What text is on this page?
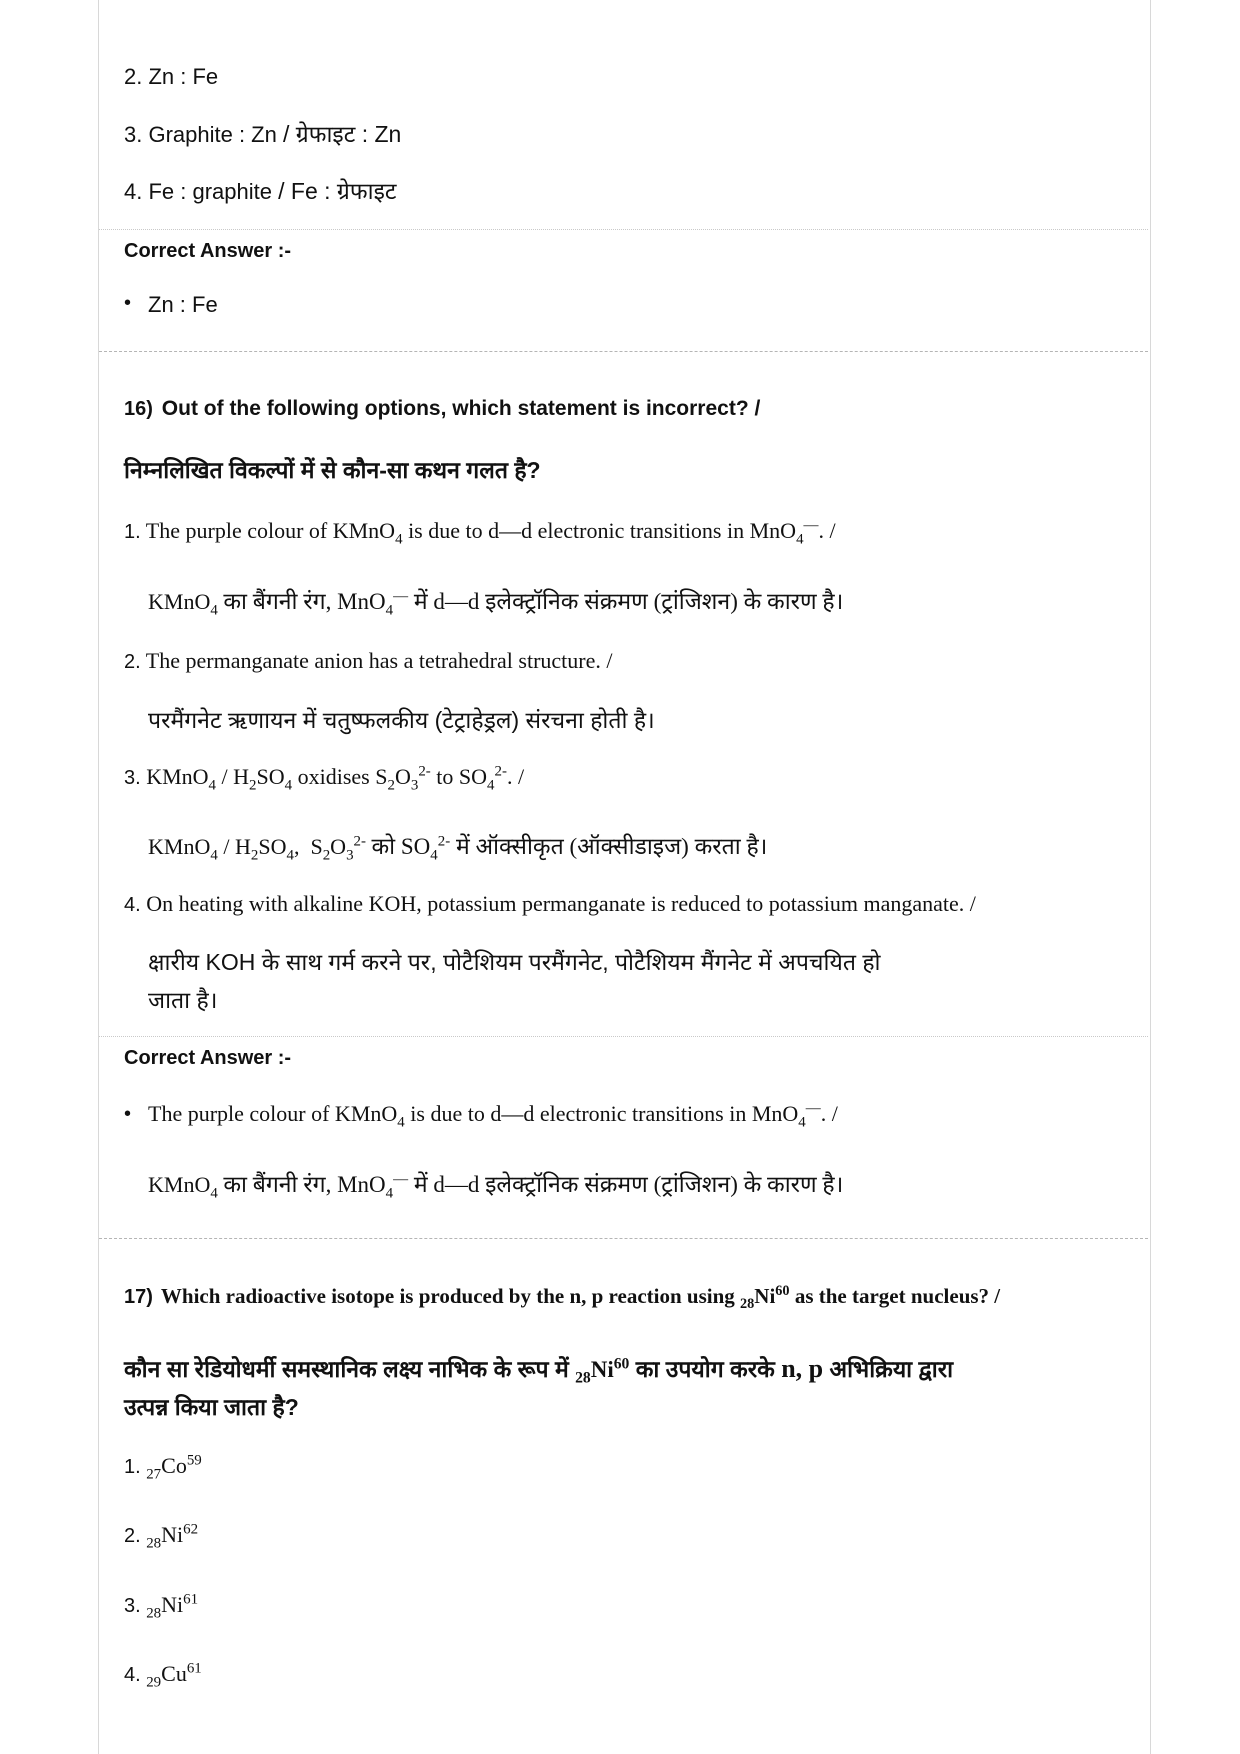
2. Zn : Fe
3. Graphite : Zn / ग्रेफाइट : Zn
4. Fe : graphite / Fe : ग्रेफाइट
Correct Answer :-
• Zn : Fe
16) Out of the following options, which statement is incorrect? /
निम्नलिखित विकल्पों में से कौन-सा कथन गलत है?
1. The purple colour of KMnO$_4$ is due to d—d electronic transitions in MnO$_4$—. /
KMnO$_4$ का बैंगनी रंग, MnO$_4$— में d—d इलेक्ट्रॉनिक संक्रमण (ट्रांजिशन) के कारण है।
2. The permanganate anion has a tetrahedral structure. /
परमैंगनेट ऋणायन में चतुष्फलकीय (टेट्राहेड्रल) संरचना होती है।
3. KMnO$_4$ / $H_2SO_4$ oxidises $S_2O_3^{2-}$ to $SO_4^{2-}$. /
KMnO$_4$ / $H_2SO_4$, $S_2O_3^{2-}$ को $SO_4^{2-}$ में ऑक्सीकृत (ऑक्सीडाइज) करता है।
4. On heating with alkaline KOH, potassium permanganate is reduced to potassium manganate. /
क्षारीय KOH के साथ गर्म करने पर, पोटैशियम परमैंगनेट, पोटैशियम मैंगनेट में अपचयित हो
जाता है।
Correct Answer :-
• The purple colour of KMnO$_4$ is due to d—d electronic transitions in MnO$_4$—. /
KMnO$_4$ का बैंगनी रंग, MnO$_4$— में d—d इलेक्ट्रॉनिक संक्रमण (ट्रांजिशन) के कारण है।
17) Which radioactive isotope is produced by the n, p reaction using $_{28}Ni^{60}$ as the target nucleus? /
कौन सा रेडियोधर्मी समस्थानिक लक्ष्य नाभिक के रूप में $_{28}Ni^{60}$ का उपयोग करके n, p अभिक्रिया द्वारा
उत्पन्न किया जाता है?
1. $_{27}Co^{59}$
2. $_{28}Ni^{62}$
3. $_{28}Ni^{61}$
4. $_{29}Cu^{61}$
